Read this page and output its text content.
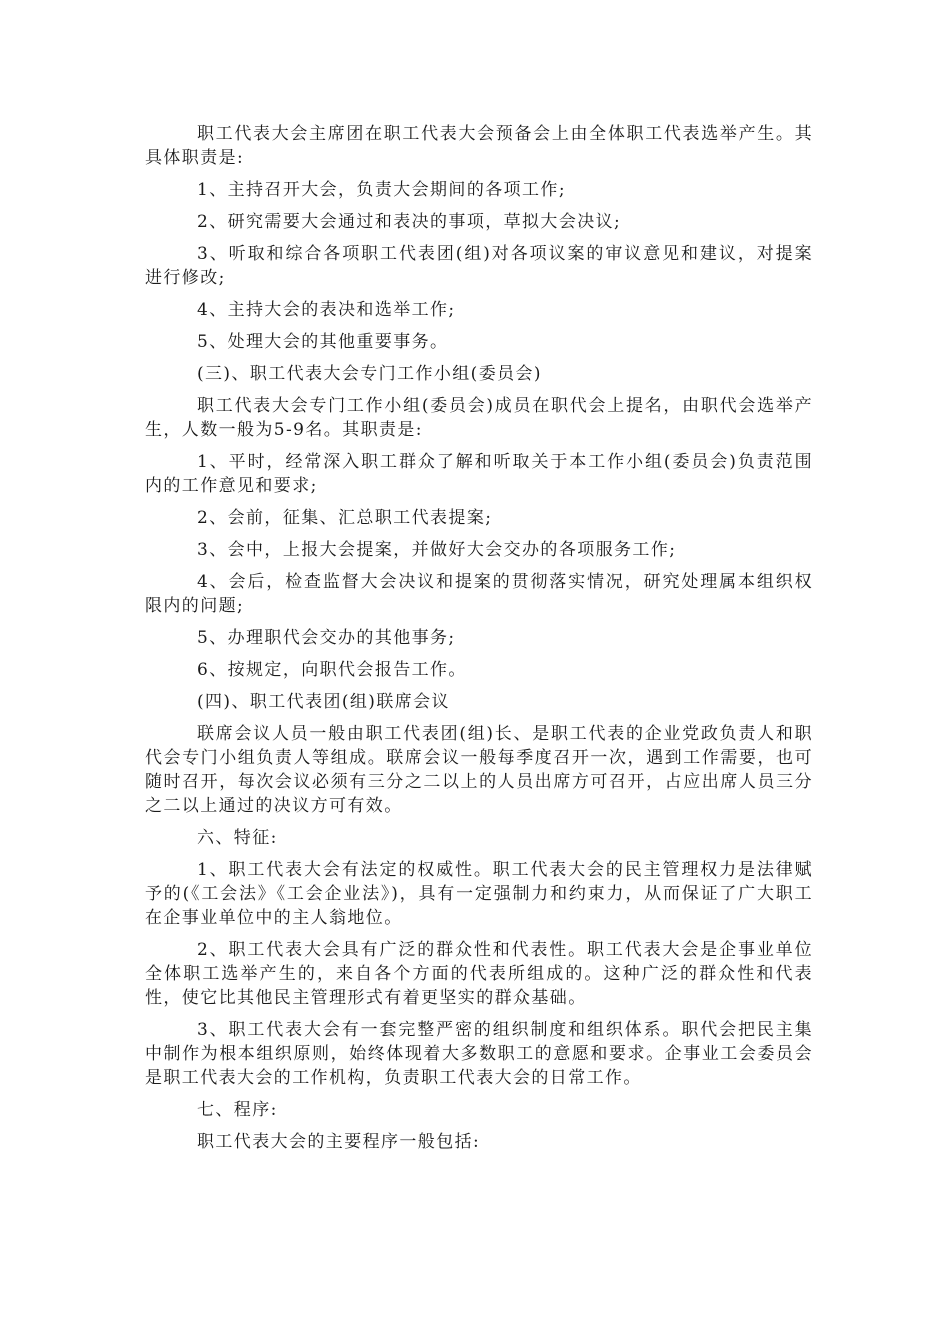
职工代表大会主席团在职工代表大会预备会上由全体职工代表选举产生。其具体职责是:

1、主持召开大会，负责大会期间的各项工作;

2、研究需要大会通过和表决的事项，草拟大会决议;

3、听取和综合各项职工代表团(组)对各项议案的审议意见和建议，对提案进行修改;

4、主持大会的表决和选举工作;

5、处理大会的其他重要事务。

(三)、职工代表大会专门工作小组(委员会)

职工代表大会专门工作小组(委员会)成员在职代会上提名，由职代会选举产生，人数一般为5-9名。其职责是:

1、平时，经常深入职工群众了解和听取关于本工作小组(委员会)负责范围内的工作意见和要求;

2、会前，征集、汇总职工代表提案;

3、会中，上报大会提案，并做好大会交办的各项服务工作;

4、会后，检查监督大会决议和提案的贯彻落实情况，研究处理属本组织权限内的问题;

5、办理职代会交办的其他事务;

6、按规定，向职代会报告工作。

(四)、职工代表团(组)联席会议

联席会议人员一般由职工代表团(组)长、是职工代表的企业党政负责人和职代会专门小组负责人等组成。联席会议一般每季度召开一次，遇到工作需要，也可随时召开，每次会议必须有三分之二以上的人员出席方可召开，占应出席人员三分之二以上通过的决议方可有效。

六、特征:

1、职工代表大会有法定的权威性。职工代表大会的民主管理权力是法律赋予的(《工会法》《工会企业法》)，具有一定强制力和约束力，从而保证了广大职工在企事业单位中的主人翁地位。

2、职工代表大会具有广泛的群众性和代表性。职工代表大会是企事业单位全体职工选举产生的，来自各个方面的代表所组成的。这种广泛的群众性和代表性，使它比其他民主管理形式有着更坚实的群众基础。

3、职工代表大会有一套完整严密的组织制度和组织体系。职代会把民主集中制作为根本组织原则，始终体现着大多数职工的意愿和要求。企事业工会委员会是职工代表大会的工作机构，负责职工代表大会的日常工作。

七、程序:

职工代表大会的主要程序一般包括:
